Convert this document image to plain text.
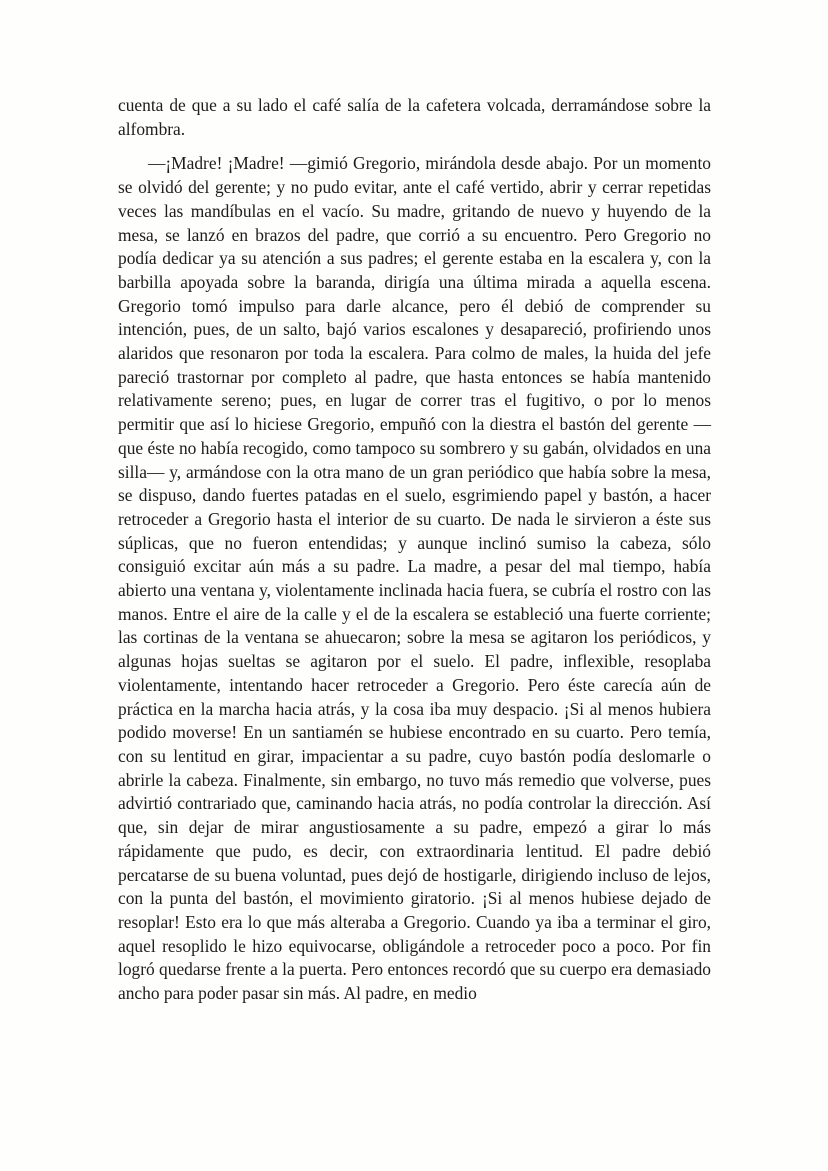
cuenta de que a su lado el café salía de la cafetera volcada, derramándose sobre la alfombra.

—¡Madre! ¡Madre! —gimió Gregorio, mirándola desde abajo. Por un momento se olvidó del gerente; y no pudo evitar, ante el café vertido, abrir y cerrar repetidas veces las mandíbulas en el vacío. Su madre, gritando de nuevo y huyendo de la mesa, se lanzó en brazos del padre, que corrió a su encuentro. Pero Gregorio no podía dedicar ya su atención a sus padres; el gerente estaba en la escalera y, con la barbilla apoyada sobre la baranda, dirigía una última mirada a aquella escena. Gregorio tomó impulso para darle alcance, pero él debió de comprender su intención, pues, de un salto, bajó varios escalones y desapareció, profiriendo unos alaridos que resonaron por toda la escalera. Para colmo de males, la huida del jefe pareció trastornar por completo al padre, que hasta entonces se había mantenido relativamente sereno; pues, en lugar de correr tras el fugitivo, o por lo menos permitir que así lo hiciese Gregorio, empuñó con la diestra el bastón del gerente —que éste no había recogido, como tampoco su sombrero y su gabán, olvidados en una silla— y, armándose con la otra mano de un gran periódico que había sobre la mesa, se dispuso, dando fuertes patadas en el suelo, esgrimiendo papel y bastón, a hacer retroceder a Gregorio hasta el interior de su cuarto. De nada le sirvieron a éste sus súplicas, que no fueron entendidas; y aunque inclinó sumiso la cabeza, sólo consiguió excitar aún más a su padre. La madre, a pesar del mal tiempo, había abierto una ventana y, violentamente inclinada hacia fuera, se cubría el rostro con las manos. Entre el aire de la calle y el de la escalera se estableció una fuerte corriente; las cortinas de la ventana se ahuecaron; sobre la mesa se agitaron los periódicos, y algunas hojas sueltas se agitaron por el suelo. El padre, inflexible, resoplaba violentamente, intentando hacer retroceder a Gregorio. Pero éste carecía aún de práctica en la marcha hacia atrás, y la cosa iba muy despacio. ¡Si al menos hubiera podido moverse! En un santiamén se hubiese encontrado en su cuarto. Pero temía, con su lentitud en girar, impacientar a su padre, cuyo bastón podía deslomarle o abrirle la cabeza. Finalmente, sin embargo, no tuvo más remedio que volverse, pues advirtió contrariado que, caminando hacia atrás, no podía controlar la dirección. Así que, sin dejar de mirar angustiosamente a su padre, empezó a girar lo más rápidamente que pudo, es decir, con extraordinaria lentitud. El padre debió percatarse de su buena voluntad, pues dejó de hostigarle, dirigiendo incluso de lejos, con la punta del bastón, el movimiento giratorio. ¡Si al menos hubiese dejado de resoplar! Esto era lo que más alteraba a Gregorio. Cuando ya iba a terminar el giro, aquel resoplido le hizo equivocarse, obligándole a retroceder poco a poco. Por fin logró quedarse frente a la puerta. Pero entonces recordó que su cuerpo era demasiado ancho para poder pasar sin más. Al padre, en medio
